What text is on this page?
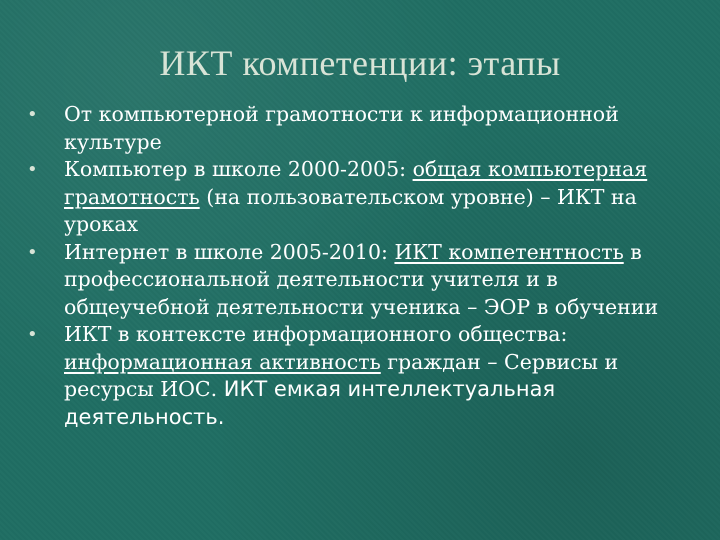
ИКТ компетенции: этапы
• От компьютерной грамотности к информационной культуре
• Компьютер в школе 2000-2005: общая компьютерная грамотность (на пользовательском уровне) – ИКТ на уроках
• Интернет в школе 2005-2010: ИКТ компетентность в профессиональной деятельности учителя и в общеучебной деятельности ученика – ЭОР в обучении
• ИКТ в контексте информационного общества: информационная активность граждан – Сервисы и ресурсы ИОС. ИКТ емкая интеллектуальная деятельность.
